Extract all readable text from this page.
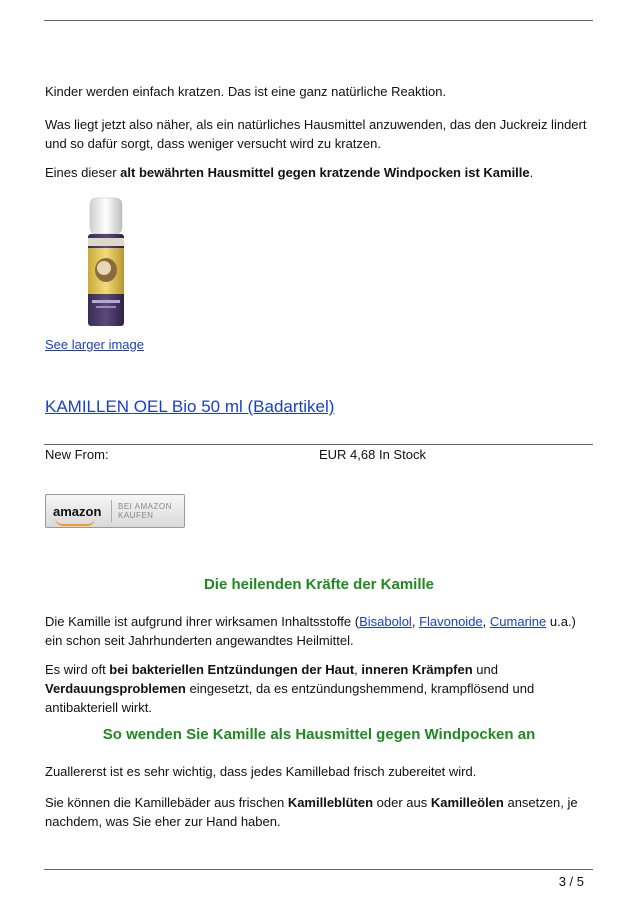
Kinder werden einfach kratzen. Das ist eine ganz natürliche Reaktion.

Was liegt jetzt also näher, als ein natürliches Hausmittel anzuwenden, das den Juckreiz lindert und so dafür sorgt, dass weniger versucht wird zu kratzen.

Eines dieser alt bewährten Hausmittel gegen kratzende Windpocken ist Kamille.

See larger image
KAMILLEN OEL Bio 50 ml (Badartikel)
New From:	EUR 4,68 In Stock
amazon	BEI AMAZON
KAUFEN
Die heilenden Kräfte der Kamille

Die Kamille ist aufgrund ihrer wirksamen Inhaltsstoffe (Bisabolol, Flavonoide, Cumarine u.a.) ein schon seit Jahrhunderten angewandtes Heilmittel.

Es wird oft bei bakteriellen Entzündungen der Haut, inneren Krämpfen und Verdauungsproblemen eingesetzt, da es entzündungshemmend, krampflösend und antibakteriell wirkt.

So wenden Sie Kamille als Hausmittel gegen Windpocken an

Zuallererst ist es sehr wichtig, dass jedes Kamillebad frisch zubereitet wird.

Sie können die Kamillebäder aus frischen Kamilleblüten oder aus Kamilleölen ansetzen, je nachdem, was Sie eher zur Hand haben.

3 / 5
